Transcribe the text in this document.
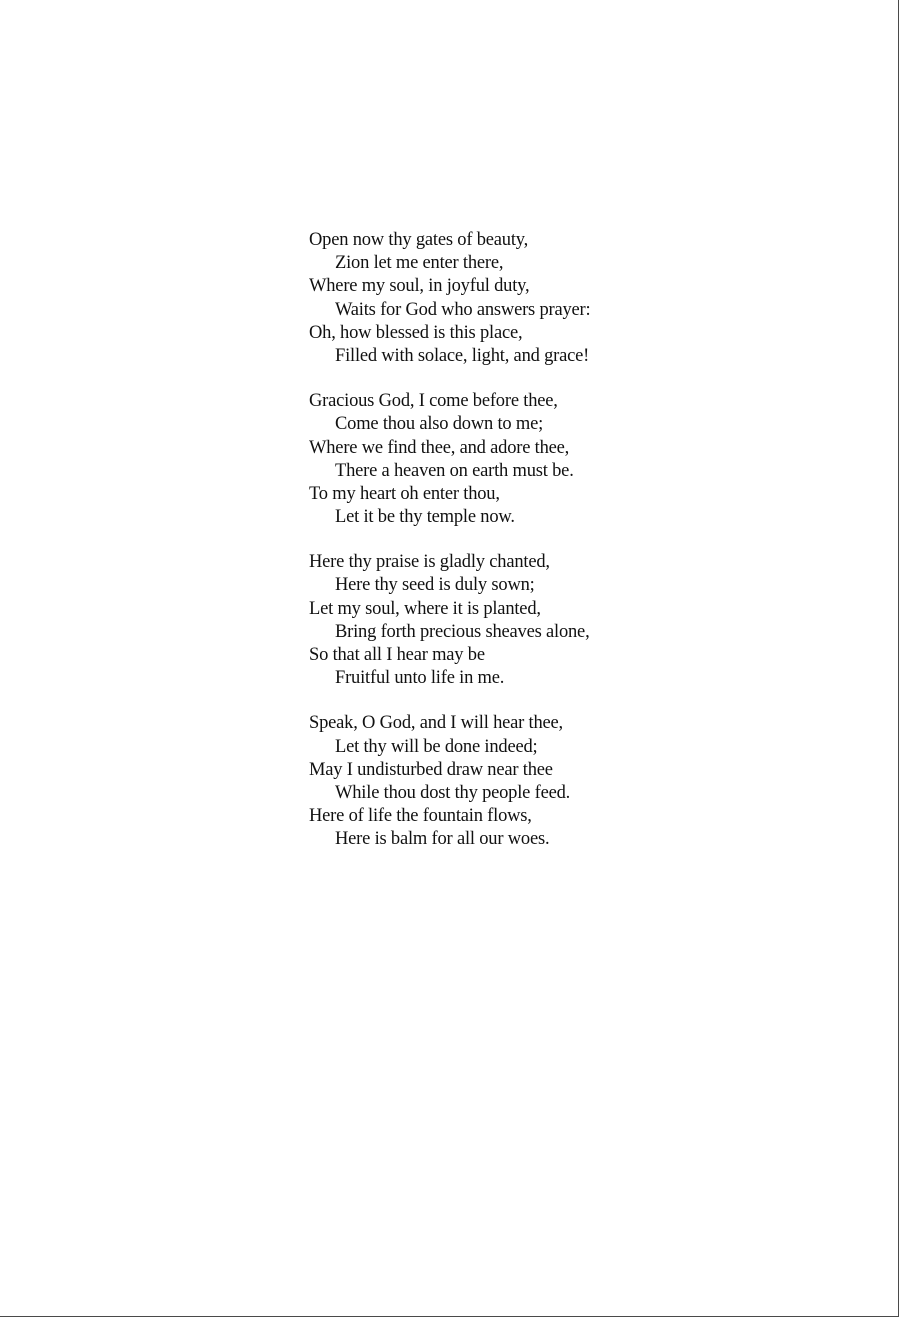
Open now thy gates of beauty,
Zion let me enter there,
Where my soul, in joyful duty,
Waits for God who answers prayer:
Oh, how blessed is this place,
Filled with solace, light, and grace!
Gracious God, I come before thee,
Come thou also down to me;
Where we find thee, and adore thee,
There a heaven on earth must be.
To my heart oh enter thou,
Let it be thy temple now.
Here thy praise is gladly chanted,
Here thy seed is duly sown;
Let my soul, where it is planted,
Bring forth precious sheaves alone,
So that all I hear may be
Fruitful unto life in me.
Speak, O God, and I will hear thee,
Let thy will be done indeed;
May I undisturbed draw near thee
While thou dost thy people feed.
Here of life the fountain flows,
Here is balm for all our woes.
